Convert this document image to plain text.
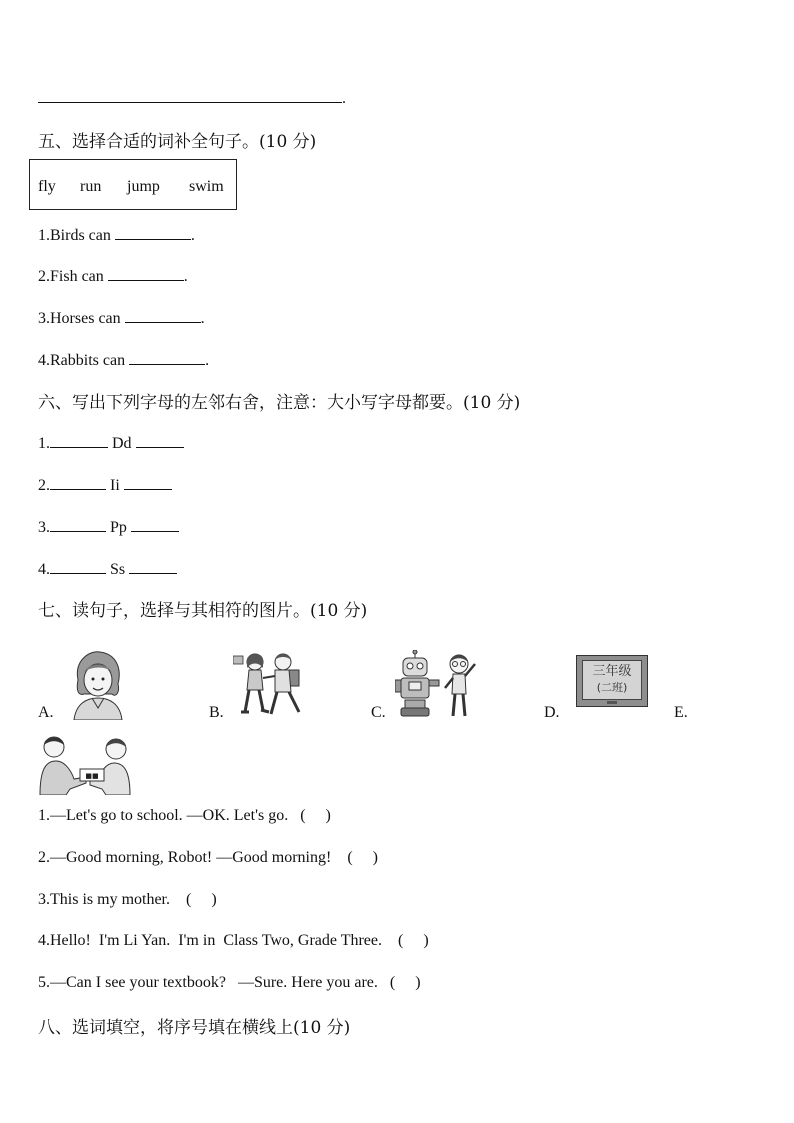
.
五、选择合适的词补全句子。(10 分)
fly run jump swim
1.Birds can	.
2.Fish can	.
3.Horses can	.
4.Rabbits can	.
六、写出下列字母的左邻右舍，注意：大小写字母都要。(10 分)
1.	Dd
2.	Ii
3.	Pp
4.	Ss
七、读句子，选择与其相符的图片。(10 分)
A.	B.	C.	D.	E.
三年级
(二班)
■■
1.—Let's go to school. —OK. Let's go. (     )
2.—Good morning, Robot! —Good morning! (     )
3.This is my mother. (     )
4.Hello!  I'm Li Yan.  I'm in  Class Two, Grade Three. (     )
5.—Can I see your textbook?   —Sure. Here you are. (     )
八、选词填空，将序号填在横线上(10 分)
